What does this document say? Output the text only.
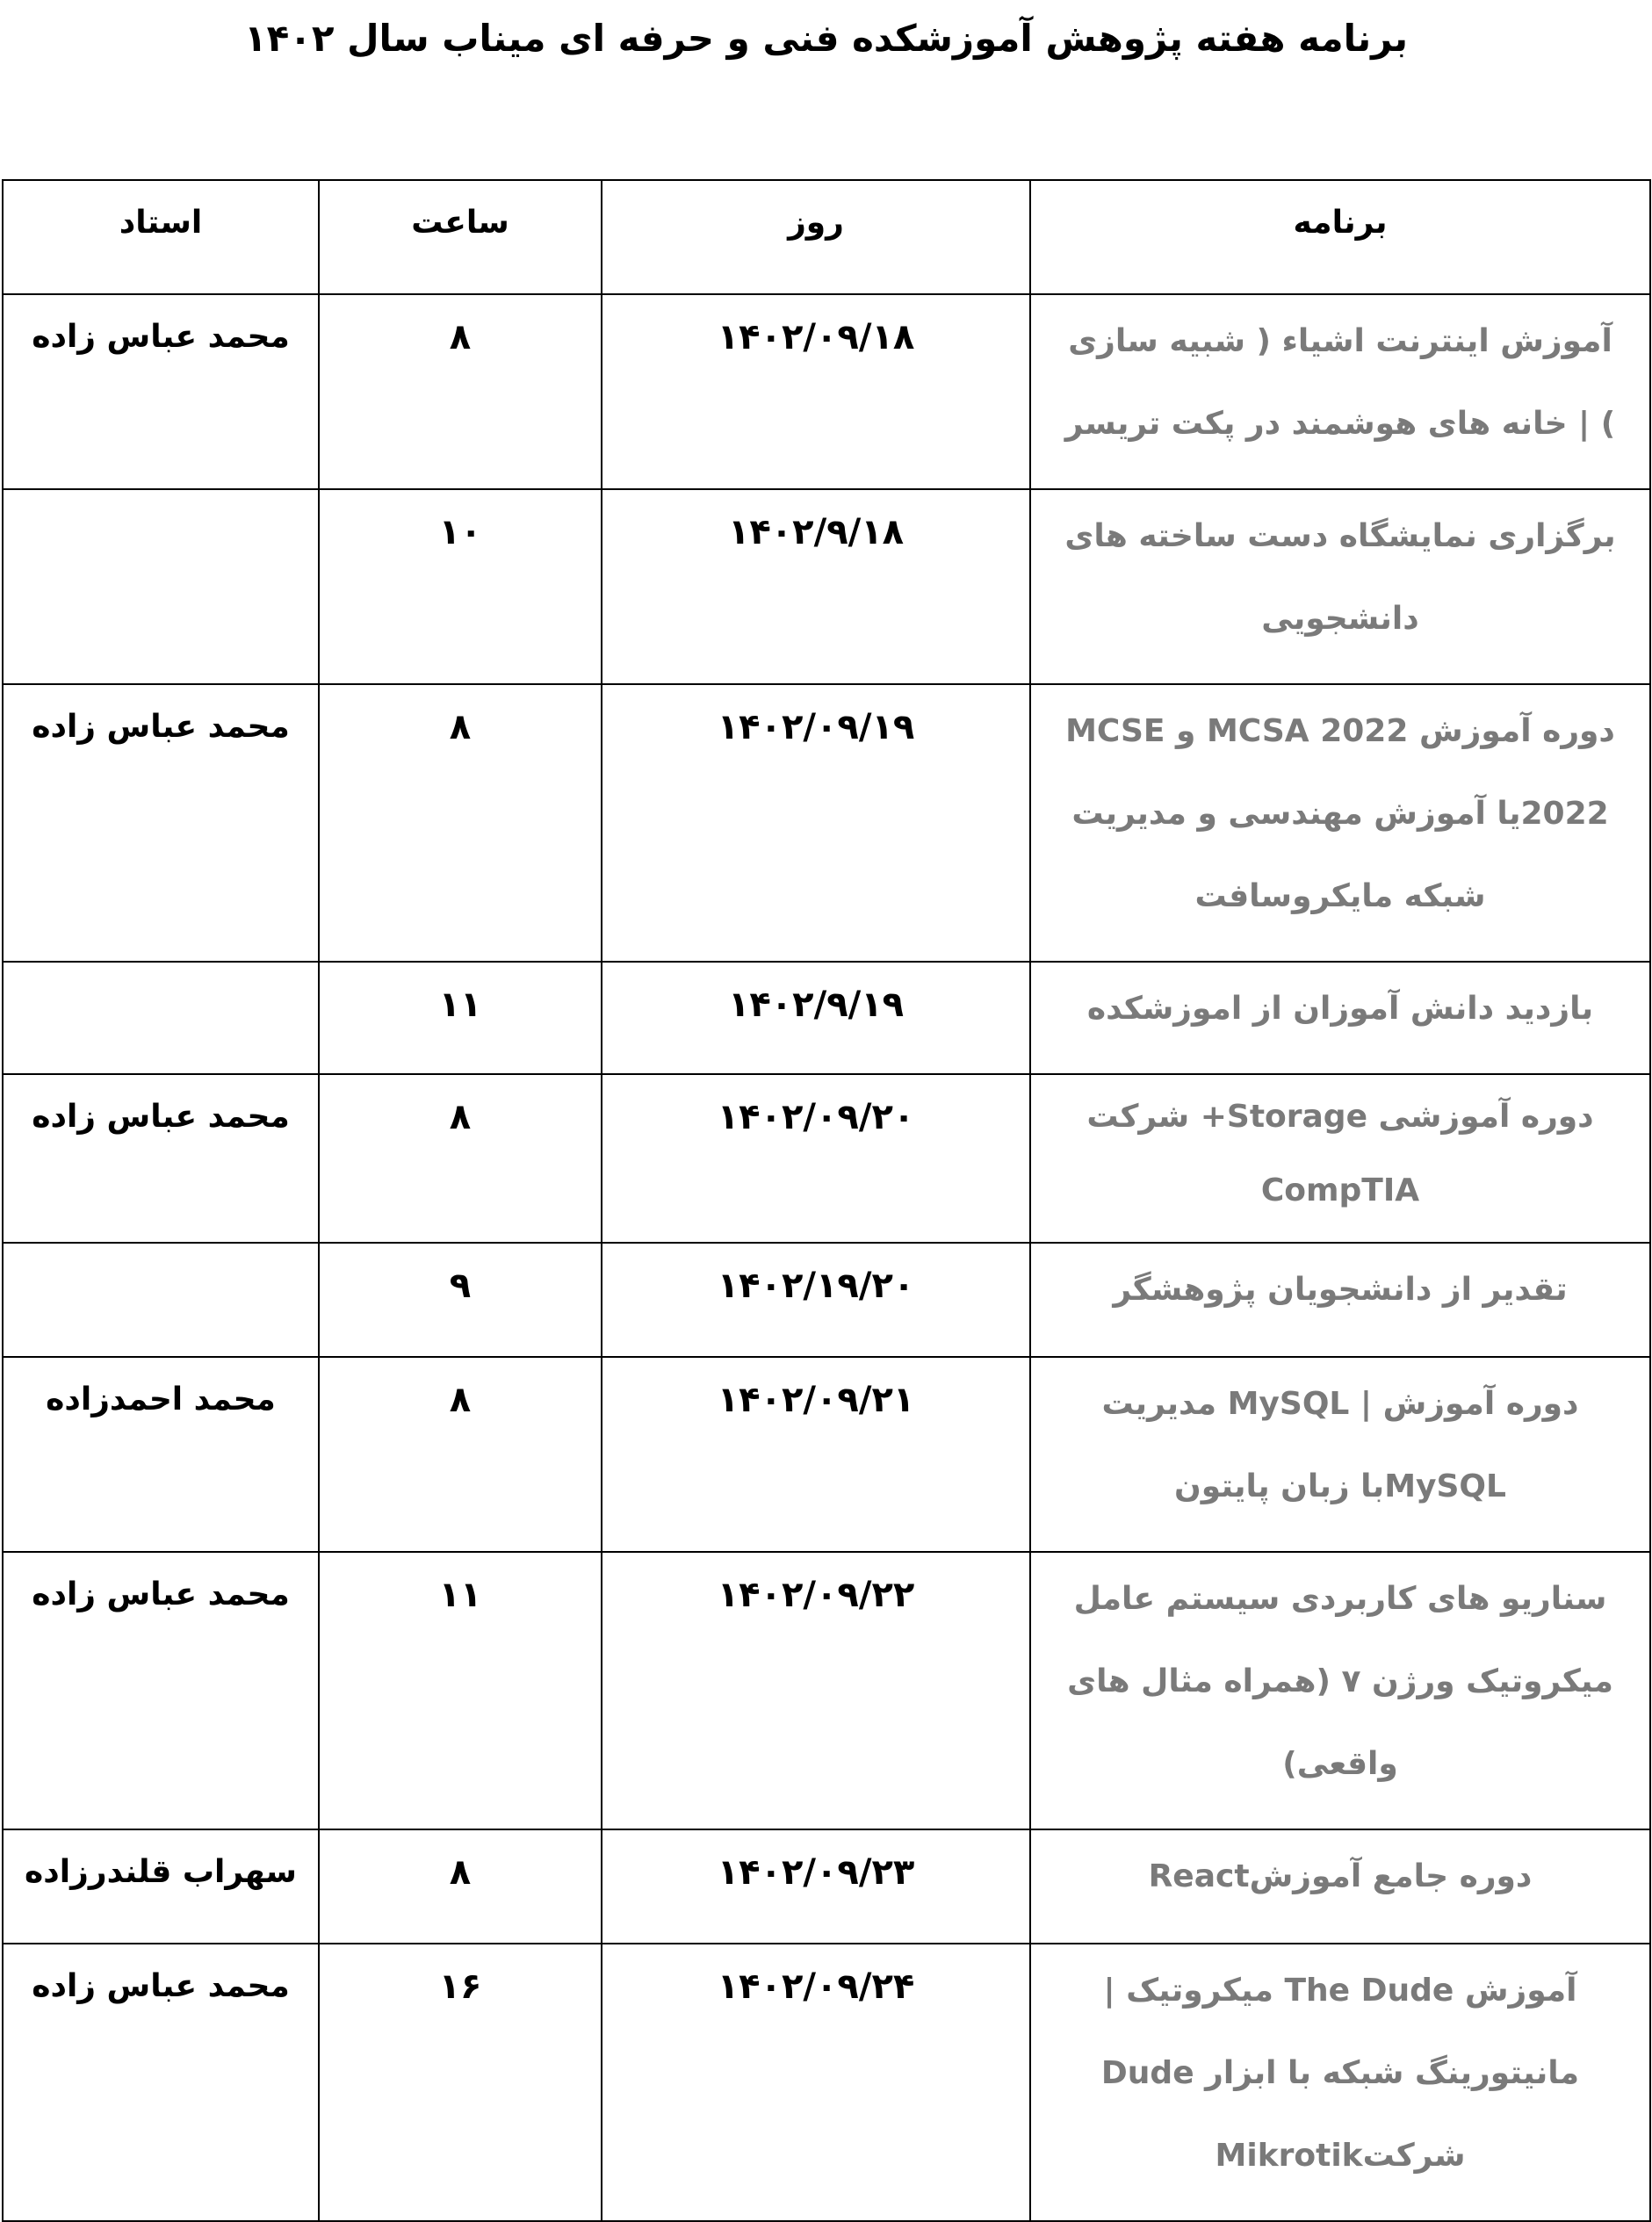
برنامه هفته پژوهش آموزشکده فنی و حرفه ای میناب سال ۱۴۰۲
برنامه	روز	ساعت	استاد
آموزش اینترنت اشیاء ( شبیه سازی ) | خانه های هوشمند در پکت تریسر	۱۴۰۲/۰۹/۱۸	۸	محمد عباس زاده
برگزاری نمایشگاه دست ساخته های دانشجویی	۱۴۰۲/۹/۱۸	۱۰	
دوره آموزش MCSA 2022 و MCSE 2022یا آموزش مهندسی و مدیریت شبکه مایکروسافت	۱۴۰۲/۰۹/۱۹	۸	محمد عباس زاده
بازدید دانش آموزان از اموزشکده	۱۴۰۲/۹/۱۹	۱۱	
دوره آموزشی Storage+ شرکت CompTIA	۱۴۰۲/۰۹/۲۰	۸	محمد عباس زاده
تقدیر از دانشجویان پژوهشگر	۱۴۰۲/۱۹/۲۰	۹	
دوره آموزش | MySQL مدیریت MySQLبا زبان پایتون	۱۴۰۲/۰۹/۲۱	۸	محمد احمدزاده
سناریو های کاربردی سیستم عامل میکروتیک ورژن ۷ (همراه مثال های واقعی)	۱۴۰۲/۰۹/۲۲	۱۱	محمد عباس زاده
دوره جامع آموزشReact	۱۴۰۲/۰۹/۲۳	۸	سهراب قلندرزاده
آموزش The Dude میکروتیک | مانیتورینگ شبکه با ابزار Dude شرکتMikrotik	۱۴۰۲/۰۹/۲۴	۱۶	محمد عباس زاده
